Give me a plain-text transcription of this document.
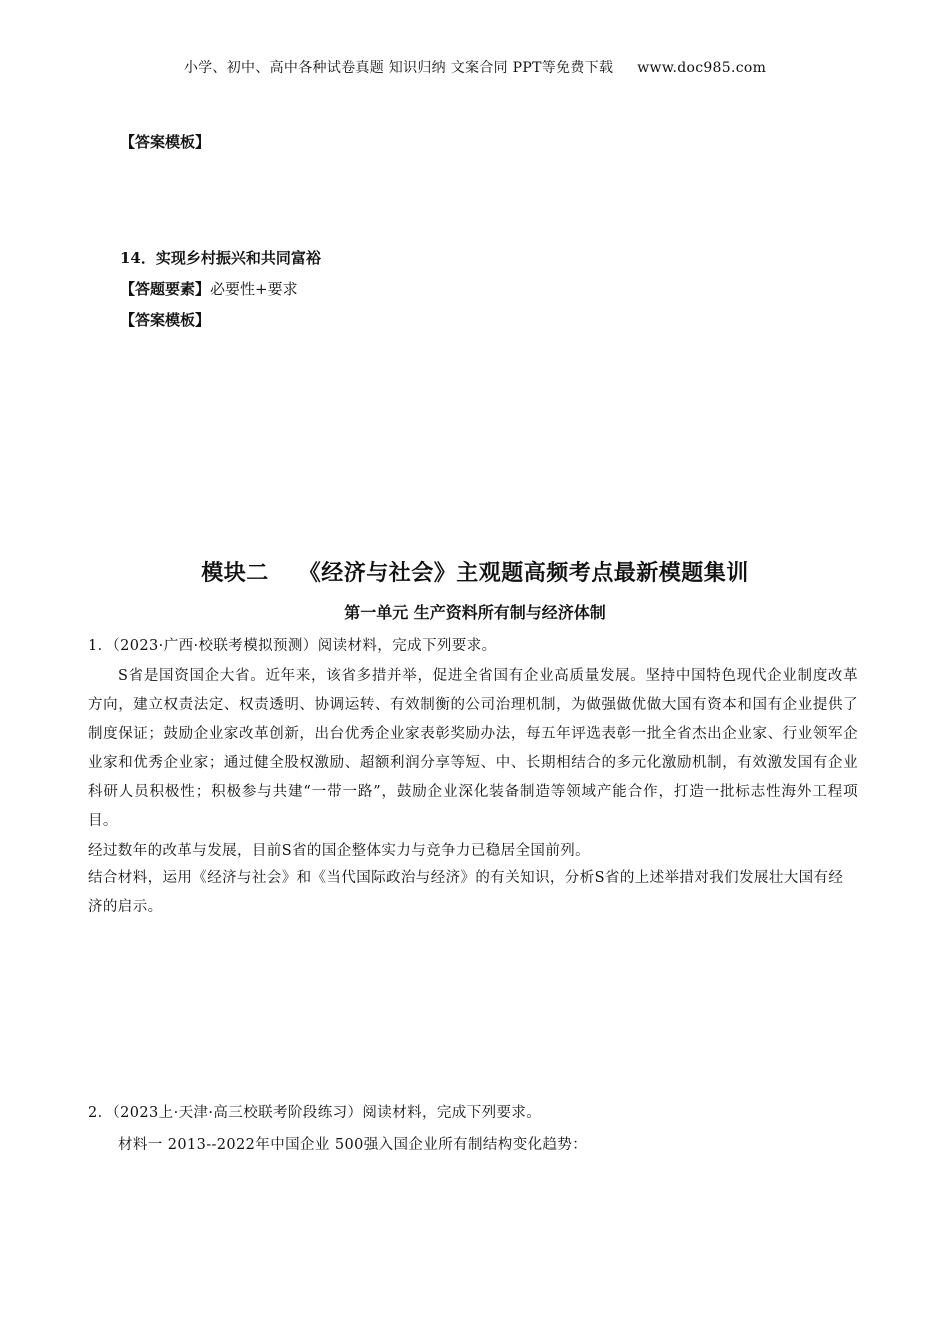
小学、初中、高中各种试卷真题 知识归纳 文案合同 PPT等免费下载 www.doc985.com
【答案模板】
14．实现乡村振兴和共同富裕
【答题要素】必要性+要求
【答案模板】
模块二 《经济与社会》主观题高频考点最新模题集训
第一单元 生产资料所有制与经济体制
1．（2023·广西·校联考模拟预测）阅读材料，完成下列要求。
S省是国资国企大省。近年来，该省多措并举，促进全省国有企业高质量发展。坚持中国特色现代企业制度改革方向，建立权责法定、权责透明、协调运转、有效制衡的公司治理机制，为做强做优做大国有资本和国有企业提供了制度保证；鼓励企业家改革创新，出台优秀企业家表彰奖励办法，每五年评选表彰一批全省杰出企业家、行业领军企业家和优秀企业家；通过健全股权激励、超额利润分享等短、中、长期相结合的多元化激励机制，有效激发国有企业科研人员积极性；积极参与共建“一带一路”，鼓励企业深化装备制造等领域产能合作，打造一批标志性海外工程项目。
经过数年的改革与发展，目前S省的国企整体实力与竞争力已稳居全国前列。
结合材料，运用《经济与社会》和《当代国际政治与经济》的有关知识，分析S省的上述举措对我们发展壮大国有经济的启示。
2．（2023上·天津·高三校联考阶段练习）阅读材料，完成下列要求。
材料一 2013--2022年中国企业 500强入国企业所有制结构变化趋势：
